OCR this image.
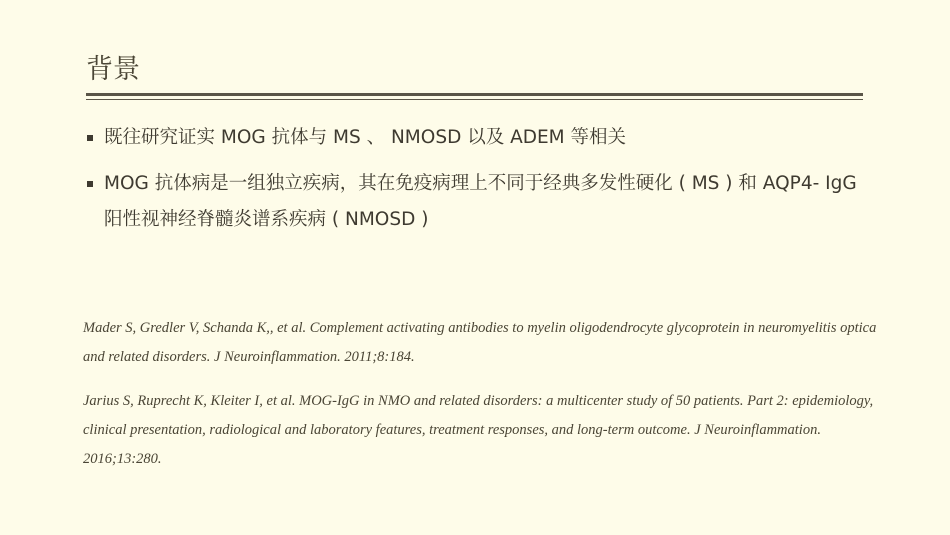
背景
既往研究证实 MOG 抗体与 MS 、 NMOSD 以及 ADEM 等相关
MOG 抗体病是一组独立疾病，其在免疫病理上不同于经典多发性硬化 ( MS ) 和 AQP4- IgG 阳性视神经脊髓炎谱系疾病 ( NMOSD )

Mader S, Gredler V, Schanda K,, et al. Complement activating antibodies to myelin oligodendrocyte glycoprotein in neuromyelitis optica and related disorders. J Neuroinflammation. 2011;8:184.

Jarius S, Ruprecht K, Kleiter I, et al. MOG-IgG in NMO and related disorders: a multicenter study of 50 patients. Part 2: epidemiology, clinical presentation, radiological and laboratory features, treatment responses, and long-term outcome. J Neuroinflammation. 2016;13:280.
